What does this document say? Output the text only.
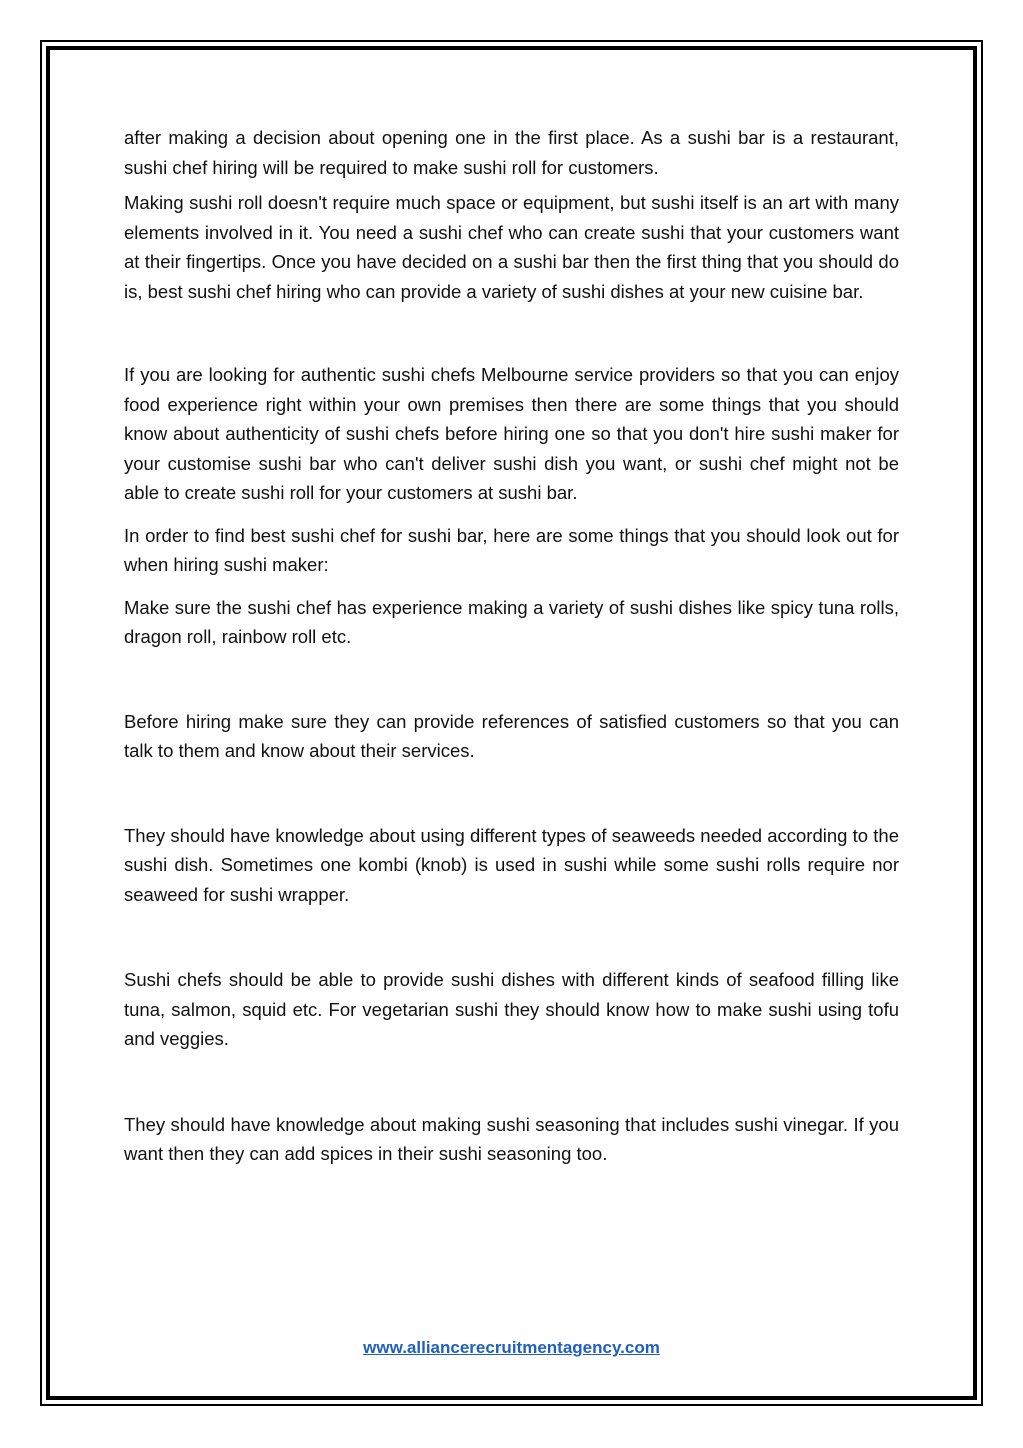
after making a decision about opening one in the first place. As a sushi bar is a restaurant, sushi chef hiring will be required to make sushi roll for customers.

Making sushi roll doesn't require much space or equipment, but sushi itself is an art with many elements involved in it. You need a sushi chef who can create sushi that your customers want at their fingertips. Once you have decided on a sushi bar then the first thing that you should do is, best sushi chef hiring who can provide a variety of sushi dishes at your new cuisine bar.

If you are looking for authentic sushi chefs Melbourne service providers so that you can enjoy food experience right within your own premises then there are some things that you should know about authenticity of sushi chefs before hiring one so that you don't hire sushi maker for your customise sushi bar who can't deliver sushi dish you want, or sushi chef might not be able to create sushi roll for your customers at sushi bar.

In order to find best sushi chef for sushi bar, here are some things that you should look out for when hiring sushi maker:

Make sure the sushi chef has experience making a variety of sushi dishes like spicy tuna rolls, dragon roll, rainbow roll etc.

Before hiring make sure they can provide references of satisfied customers so that you can talk to them and know about their services.

They should have knowledge about using different types of seaweeds needed according to the sushi dish. Sometimes one kombi (knob) is used in sushi while some sushi rolls require nor seaweed for sushi wrapper.

Sushi chefs should be able to provide sushi dishes with different kinds of seafood filling like tuna, salmon, squid etc. For vegetarian sushi they should know how to make sushi using tofu and veggies.

They should have knowledge about making sushi seasoning that includes sushi vinegar. If you want then they can add spices in their sushi seasoning too.

www.alliancerecruitmentagency.com
